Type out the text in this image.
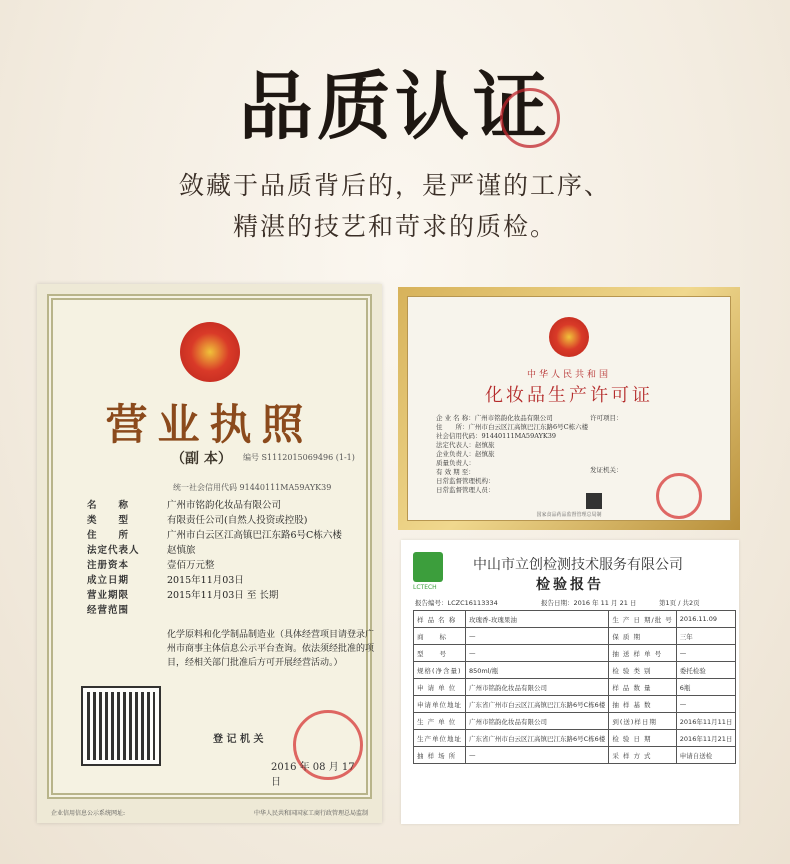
品质认证
敛藏于品质背后的，是严谨的工序、
精湛的技艺和苛求的质检。
营业执照
（副 本） 编号 S1112015069496 (1-1)
统一社会信用代码 91440111MA59AYK39
名　　称	广州市铭韵化妆品有限公司
类　　型	有限责任公司(自然人投资或控股)
住　　所	广州市白云区江高镇巴江东路6号C栋六楼
法定代表人	赵慎旅
注册资本	壹佰万元整
成立日期	2015年11月03日
营业期限	2015年11月03日 至 长期
经营范围
化学原料和化学制品制造业（具体经营项目请登录广州市商事主体信息公示平台查询。依法须经批准的项目，经相关部门批准后方可开展经营活动。）
登 记 机 关
2016 年 08 月 17 日
企业信用信息公示系统网址:	中华人民共和国国家工商行政管理总局监制
中华人民共和国
化妆品生产许可证
企 业 名 称：广州市铭韵化妆品有限公司
住　　所：广州市白云区江高镇巴江东路6号C栋六楼
社会信用代码：91440111MA59AYK39
法定代表人：赵慎旅
企业负责人：赵慎旅
质量负责人：
有 效 期 至：
日常监督管理机构：
日常监督管理人员：
许可项目：
发证机关：
国家食品药品监督管理总局制
LCTECH
中山市立创检测技术服务有限公司
检验报告
报告编号：LCZC16113334	报告日期：2016 年 11 月 21 日	第1页 / 共2页
样 品 名 称	玫瑰香-玫瑰果油	生 产 日 期/批 号	2016.11.09
商　　标	—	保 质 期	三年
型　　号	—	抽 送 样 单 号	—
规格(净含量)	850ml/瓶	检 验 类 别	委托检验
申 请 单 位	广州市铭韵化妆品有限公司	样 品 数 量	6瓶
申请单位地址	广东省广州市白云区江高镇巴江东路6号C栋6楼	抽 样 基 数	—
生 产 单 位	广州市铭韵化妆品有限公司	到(送)样日期	2016年11月11日
生产单位地址	广东省广州市白云区江高镇巴江东路6号C栋6楼	检 验 日 期	2016年11月21日
抽 样 场 所	—	采 样 方 式	申请自送检
